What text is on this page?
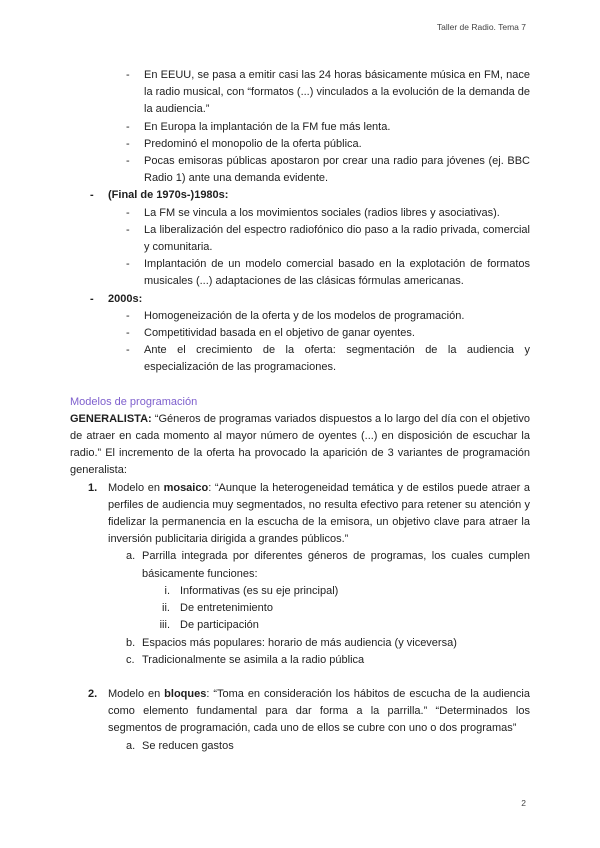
Taller de Radio. Tema 7
- En EEUU, se pasa a emitir casi las 24 horas básicamente música en FM, nace la radio musical, con “formatos (...) vinculados a la evolución de la demanda de la audiencia.”
- En Europa la implantación de la FM fue más lenta.
- Predominó el monopolio de la oferta pública.
- Pocas emisoras públicas apostaron por crear una radio para jóvenes (ej. BBC Radio 1) ante una demanda evidente.
- (Final de 1970s-)1980s:
- La FM se vincula a los movimientos sociales (radios libres y asociativas).
- La liberalización del espectro radiofónico dio paso a la radio privada, comercial y comunitaria.
- Implantación de un modelo comercial basado en la explotación de formatos musicales (...) adaptaciones de las clásicas fórmulas americanas.
- 2000s:
- Homogeneización de la oferta y de los modelos de programación.
- Competitividad basada en el objetivo de ganar oyentes.
- Ante el crecimiento de la oferta: segmentación de la audiencia y especialización de las programaciones.
Modelos de programación
GENERALISTA: “Géneros de programas variados dispuestos a lo largo del día con el objetivo de atraer en cada momento al mayor número de oyentes (...) en disposición de escuchar la radio.” El incremento de la oferta ha provocado la aparición de 3 variantes de programación generalista:
1. Modelo en mosaico: “Aunque la heterogeneidad temática y de estilos puede atraer a perfiles de audiencia muy segmentados, no resulta efectivo para retener su atención y fidelizar la permanencia en la escucha de la emisora, un objetivo clave para atraer la inversión publicitaria dirigida a grandes públicos.”
a. Parrilla integrada por diferentes géneros de programas, los cuales cumplen básicamente funciones:
i. Informativas (es su eje principal)
ii. De entretenimiento
iii. De participación
b. Espacios más populares: horario de más audiencia (y viceversa)
c. Tradicionalmente se asimila a la radio pública
2. Modelo en bloques: “Toma en consideración los hábitos de escucha de la audiencia como elemento fundamental para dar forma a la parrilla.” “Determinados los segmentos de programación, cada uno de ellos se cubre con uno o dos programas”
a. Se reducen gastos
2
